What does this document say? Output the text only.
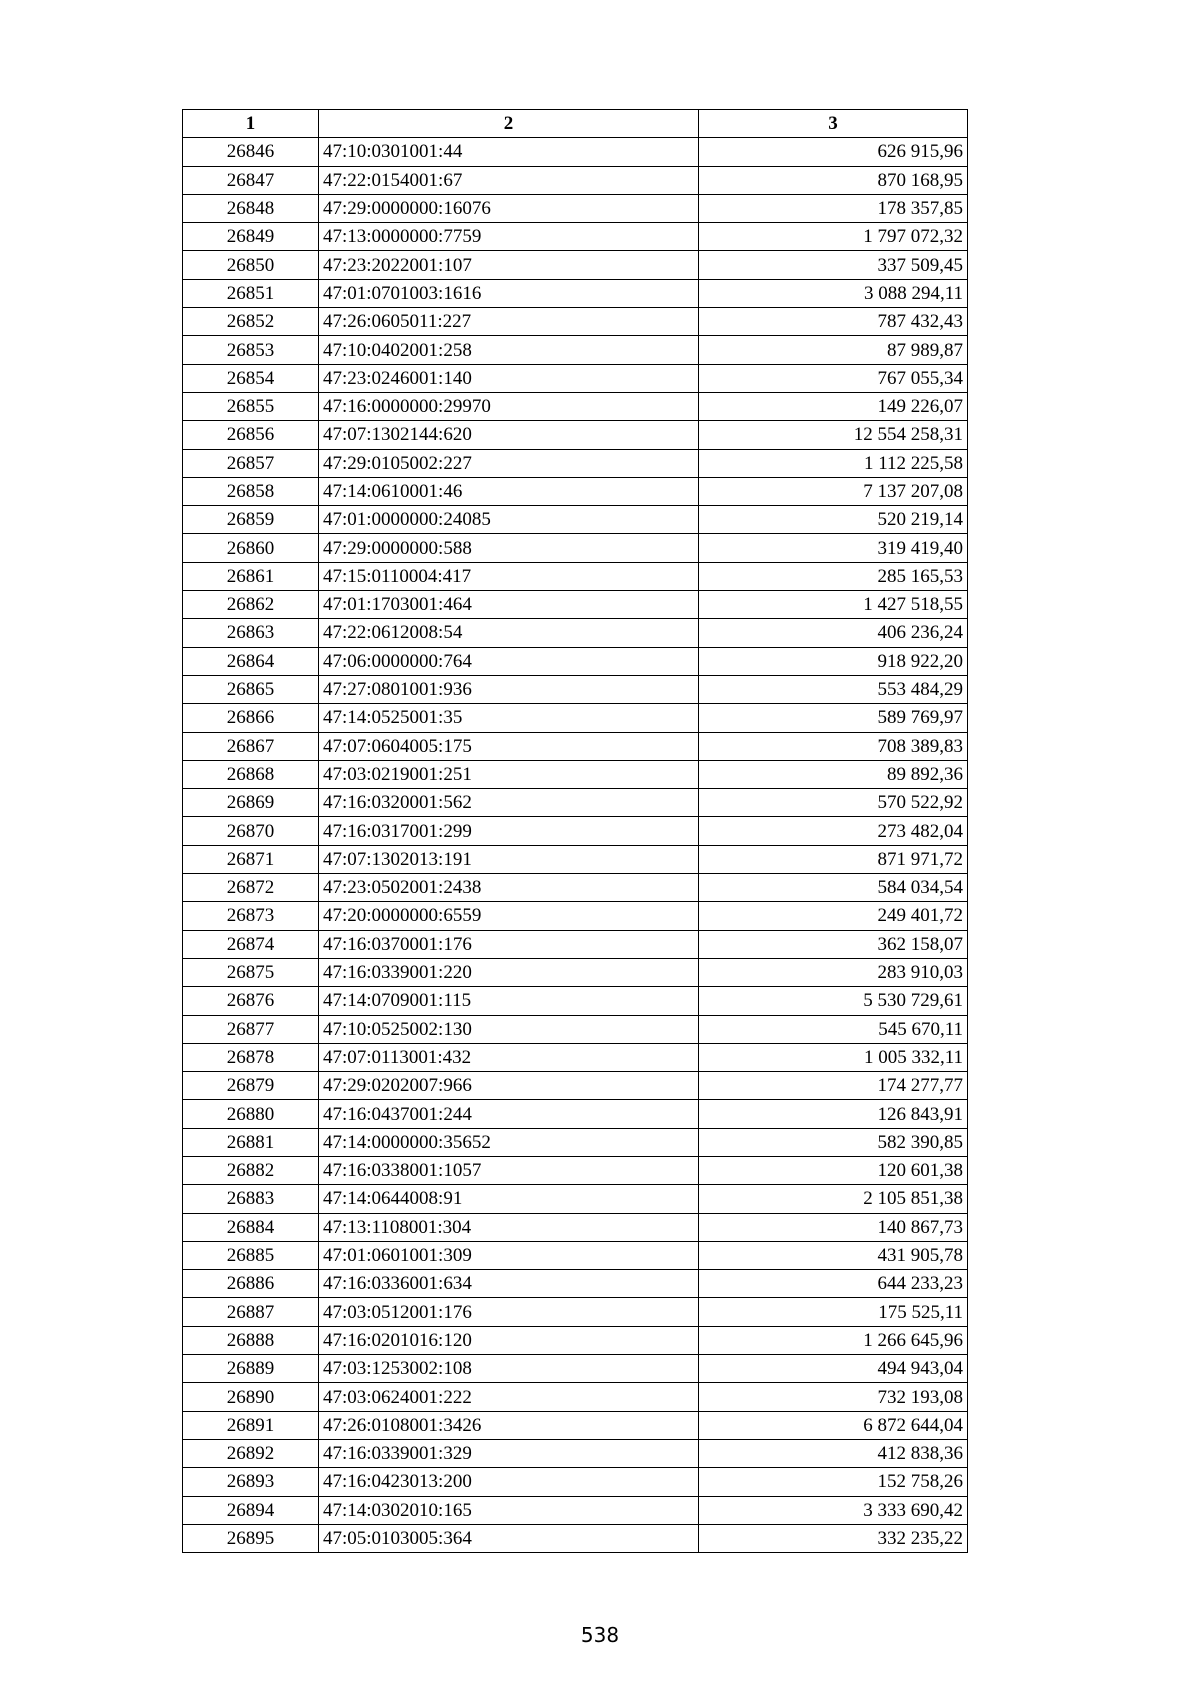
1	2	3
26846	47:10:0301001:44	626 915,96
26847	47:22:0154001:67	870 168,95
26848	47:29:0000000:16076	178 357,85
26849	47:13:0000000:7759	1 797 072,32
26850	47:23:2022001:107	337 509,45
26851	47:01:0701003:1616	3 088 294,11
26852	47:26:0605011:227	787 432,43
26853	47:10:0402001:258	87 989,87
26854	47:23:0246001:140	767 055,34
26855	47:16:0000000:29970	149 226,07
26856	47:07:1302144:620	12 554 258,31
26857	47:29:0105002:227	1 112 225,58
26858	47:14:0610001:46	7 137 207,08
26859	47:01:0000000:24085	520 219,14
26860	47:29:0000000:588	319 419,40
26861	47:15:0110004:417	285 165,53
26862	47:01:1703001:464	1 427 518,55
26863	47:22:0612008:54	406 236,24
26864	47:06:0000000:764	918 922,20
26865	47:27:0801001:936	553 484,29
26866	47:14:0525001:35	589 769,97
26867	47:07:0604005:175	708 389,83
26868	47:03:0219001:251	89 892,36
26869	47:16:0320001:562	570 522,92
26870	47:16:0317001:299	273 482,04
26871	47:07:1302013:191	871 971,72
26872	47:23:0502001:2438	584 034,54
26873	47:20:0000000:6559	249 401,72
26874	47:16:0370001:176	362 158,07
26875	47:16:0339001:220	283 910,03
26876	47:14:0709001:115	5 530 729,61
26877	47:10:0525002:130	545 670,11
26878	47:07:0113001:432	1 005 332,11
26879	47:29:0202007:966	174 277,77
26880	47:16:0437001:244	126 843,91
26881	47:14:0000000:35652	582 390,85
26882	47:16:0338001:1057	120 601,38
26883	47:14:0644008:91	2 105 851,38
26884	47:13:1108001:304	140 867,73
26885	47:01:0601001:309	431 905,78
26886	47:16:0336001:634	644 233,23
26887	47:03:0512001:176	175 525,11
26888	47:16:0201016:120	1 266 645,96
26889	47:03:1253002:108	494 943,04
26890	47:03:0624001:222	732 193,08
26891	47:26:0108001:3426	6 872 644,04
26892	47:16:0339001:329	412 838,36
26893	47:16:0423013:200	152 758,26
26894	47:14:0302010:165	3 333 690,42
26895	47:05:0103005:364	332 235,22
538
